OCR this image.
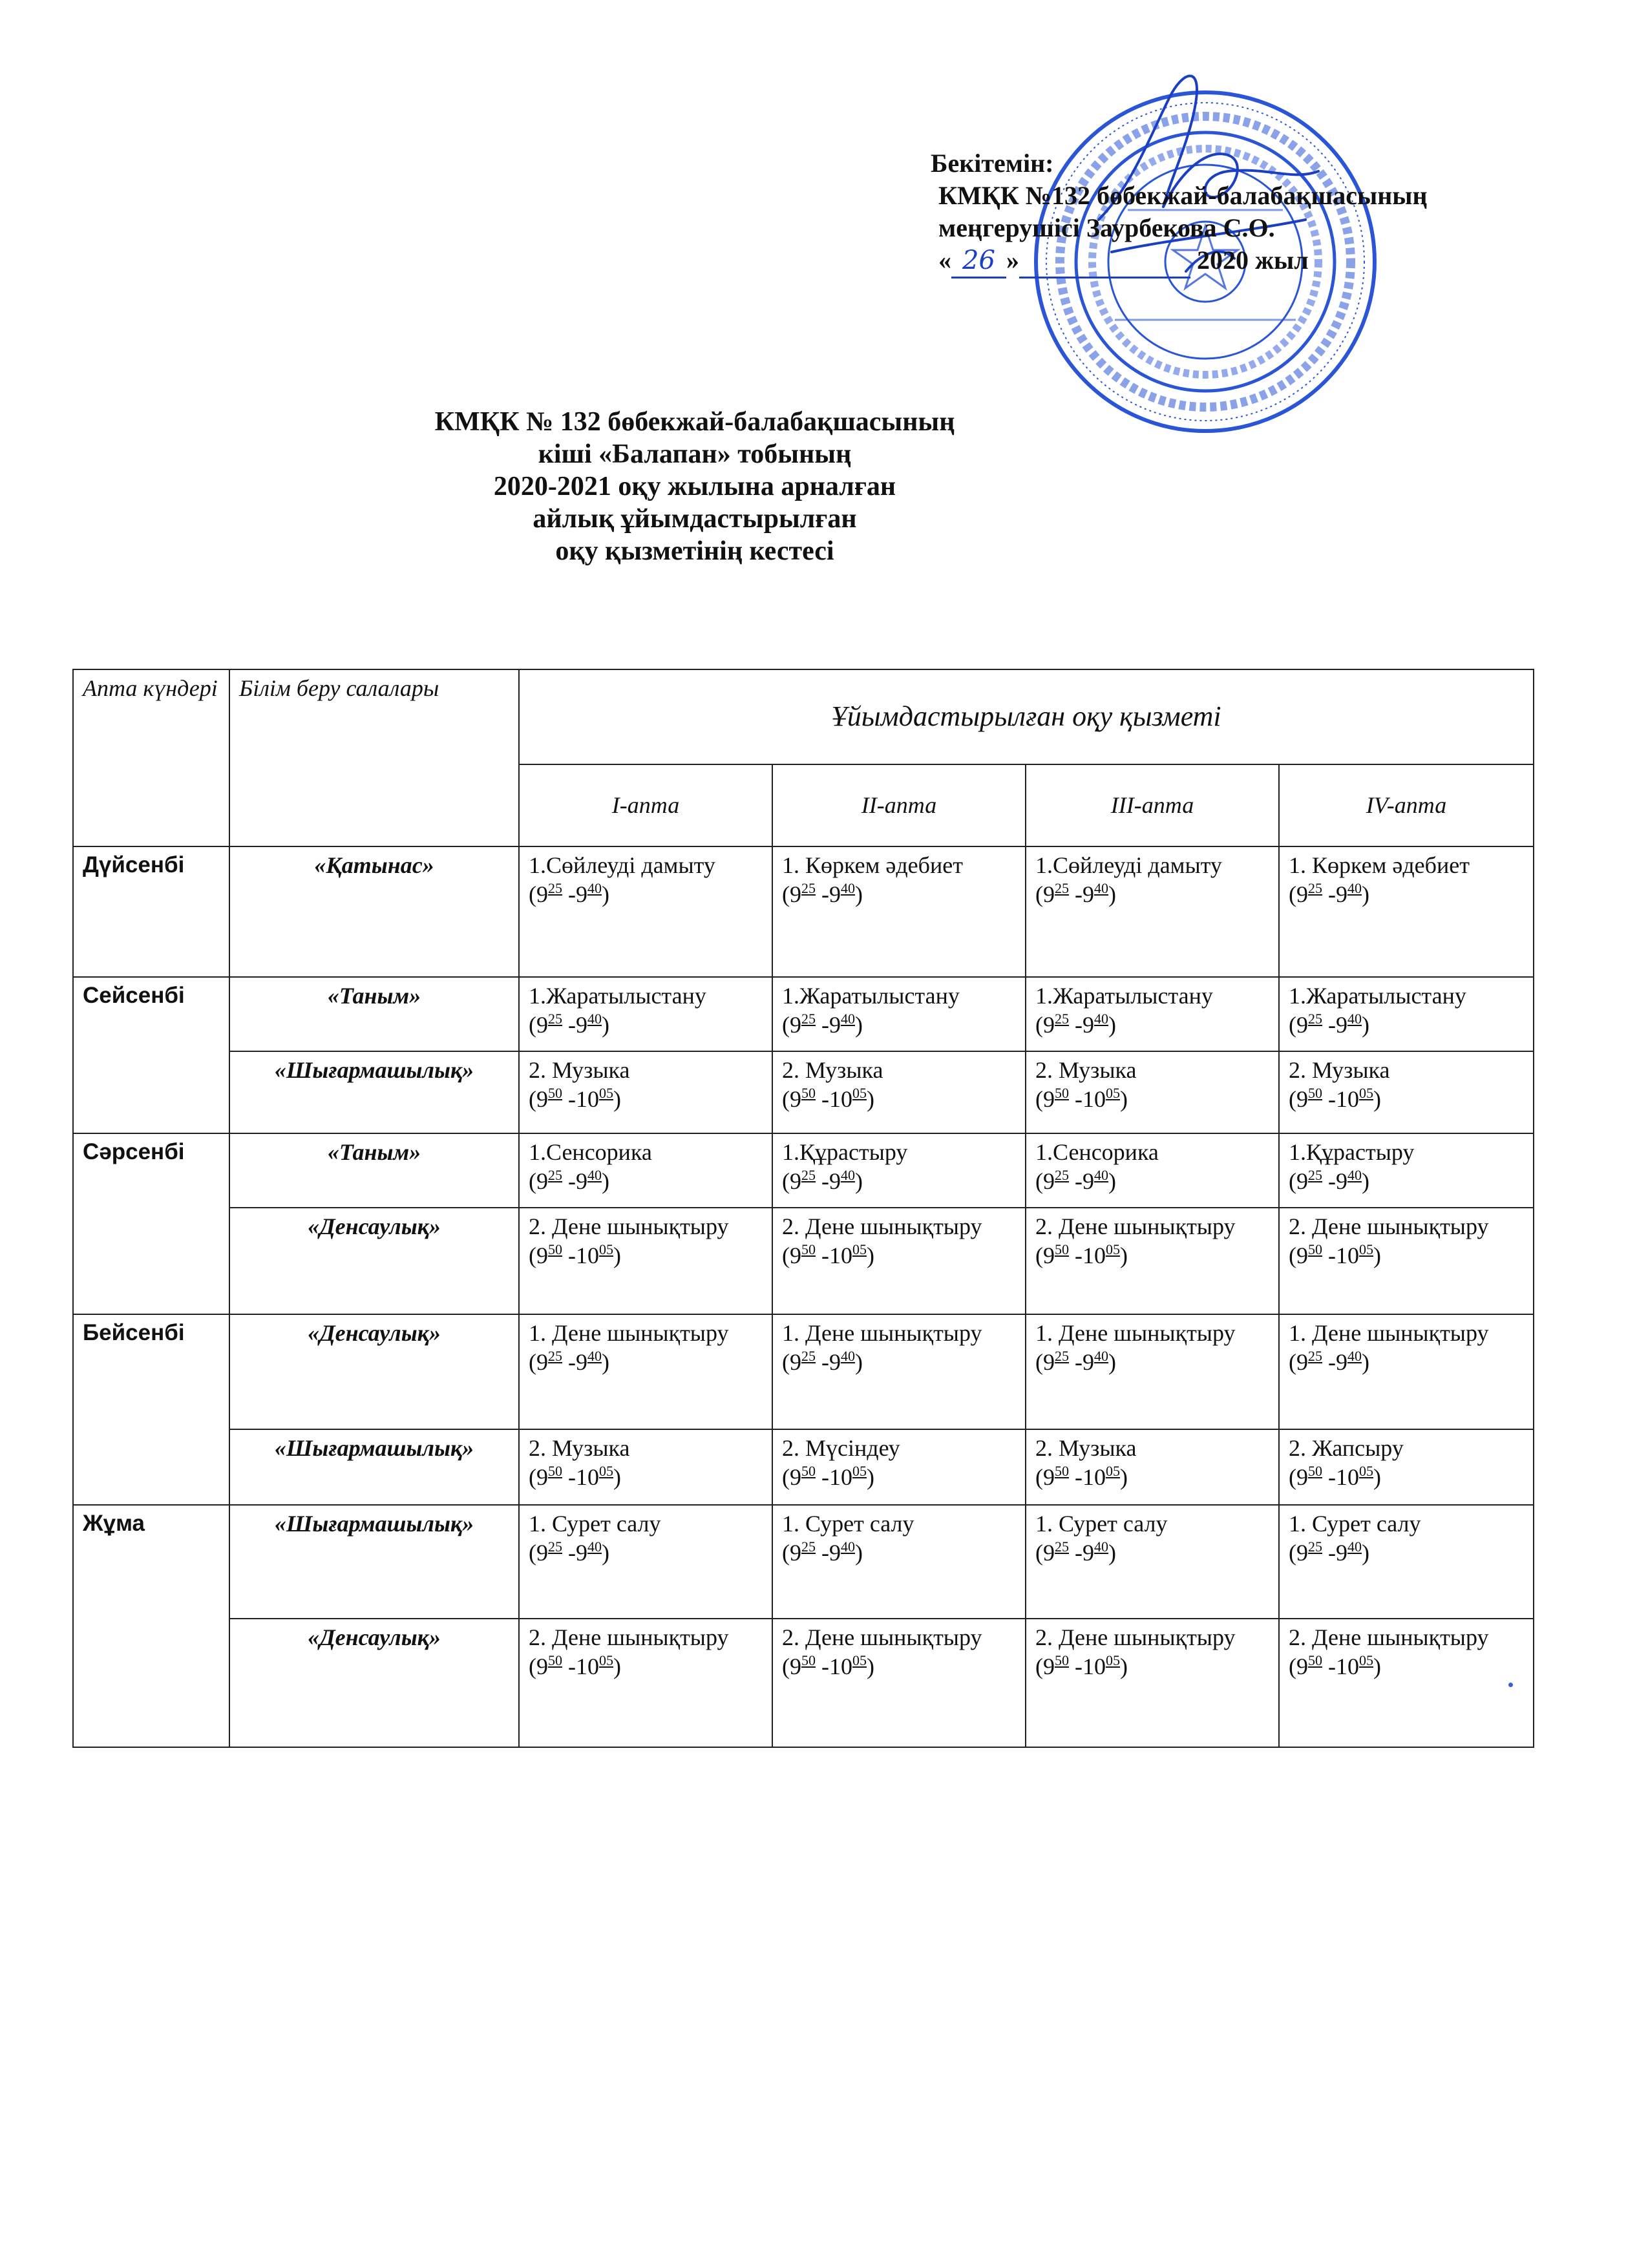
Бекітемін:
КМҚК №132 бөбекжай-балабақшасының
меңгерушісі Заурбекова С.О.
« 26 »	2020 жыл
КМҚК № 132 бөбекжай-балабақшасының
кіші «Балапан» тобының
2020-2021 оқу жылына арналған
айлық ұйымдастырылған
оқу қызметінің кестесі
Апта күндері	Білім беру салалары	Ұйымдастырылған оқу қызметі			
		I-апта	II-апта	III-апта	IV-апта
Дүйсенбі	«Қатынас»	1.Сөйлеуді дамыту
($9^{25}$ $-9^{40}$)	1. Көркем әдебиет
($9^{25}$ $-9^{40}$)	1.Сөйлеуді дамыту
($9^{25}$ $-9^{40}$)	1. Көркем әдебиет
($9^{25}$ $-9^{40}$)

Сейсенбі	«Таным»	1.Жаратылыстану
($9^{25}$ $-9^{40}$)	1.Жаратылыстану
($9^{25}$ $-9^{40}$)	1.Жаратылыстану
($9^{25}$ $-9^{40}$)	1.Жаратылыстану
($9^{25}$ $-9^{40}$)

	«Шығармашылық»	2. Музыка
($9^{50}$ $-10^{05}$)	2. Музыка
($9^{50}$ $-10^{05}$)	2. Музыка
($9^{50}$ $-10^{05}$)	2. Музыка
($9^{50}$ $-10^{05}$)

Сәрсенбі	«Таным»	1.Сенсорика
($9^{25}$ $-9^{40}$)	1.Құрастыру
($9^{25}$ $-9^{40}$)	1.Сенсорика
($9^{25}$ $-9^{40}$)	1.Құрастыру
($9^{25}$ $-9^{40}$)

	«Денсаулық»	2. Дене шынықтыру
($9^{50}$ $-10^{05}$)	2. Дене шынықтыру
($9^{50}$ $-10^{05}$)	2. Дене шынықтыру
($9^{50}$ $-10^{05}$)	2. Дене шынықтыру
($9^{50}$ $-10^{05}$)

Бейсенбі	«Денсаулық»	1. Дене шынықтыру
($9^{25}$ $-9^{40}$)	1. Дене шынықтыру
($9^{25}$ $-9^{40}$)	1. Дене шынықтыру
($9^{25}$ $-9^{40}$)	1. Дене шынықтыру
($9^{25}$ $-9^{40}$)

	«Шығармашылық»	2. Музыка
($9^{50}$ $-10^{05}$)	2. Мүсіндеу
($9^{50}$ $-10^{05}$)	2. Музыка
($9^{50}$ $-10^{05}$)	2. Жапсыру
($9^{50}$ $-10^{05}$)

Жұма	«Шығармашылық»	1. Сурет салу
($9^{25}$ $-9^{40}$)	1. Сурет салу
($9^{25}$ $-9^{40}$)	1. Сурет салу
($9^{25}$ $-9^{40}$)	1. Сурет салу
($9^{25}$ $-9^{40}$)

	«Денсаулық»	2. Дене шынықтыру
($9^{50}$ $-10^{05}$)	2. Дене шынықтыру
($9^{50}$ $-10^{05}$)	2. Дене шынықтыру
($9^{50}$ $-10^{05}$)	2. Дене шынықтыру
($9^{50}$ $-10^{05}$)
